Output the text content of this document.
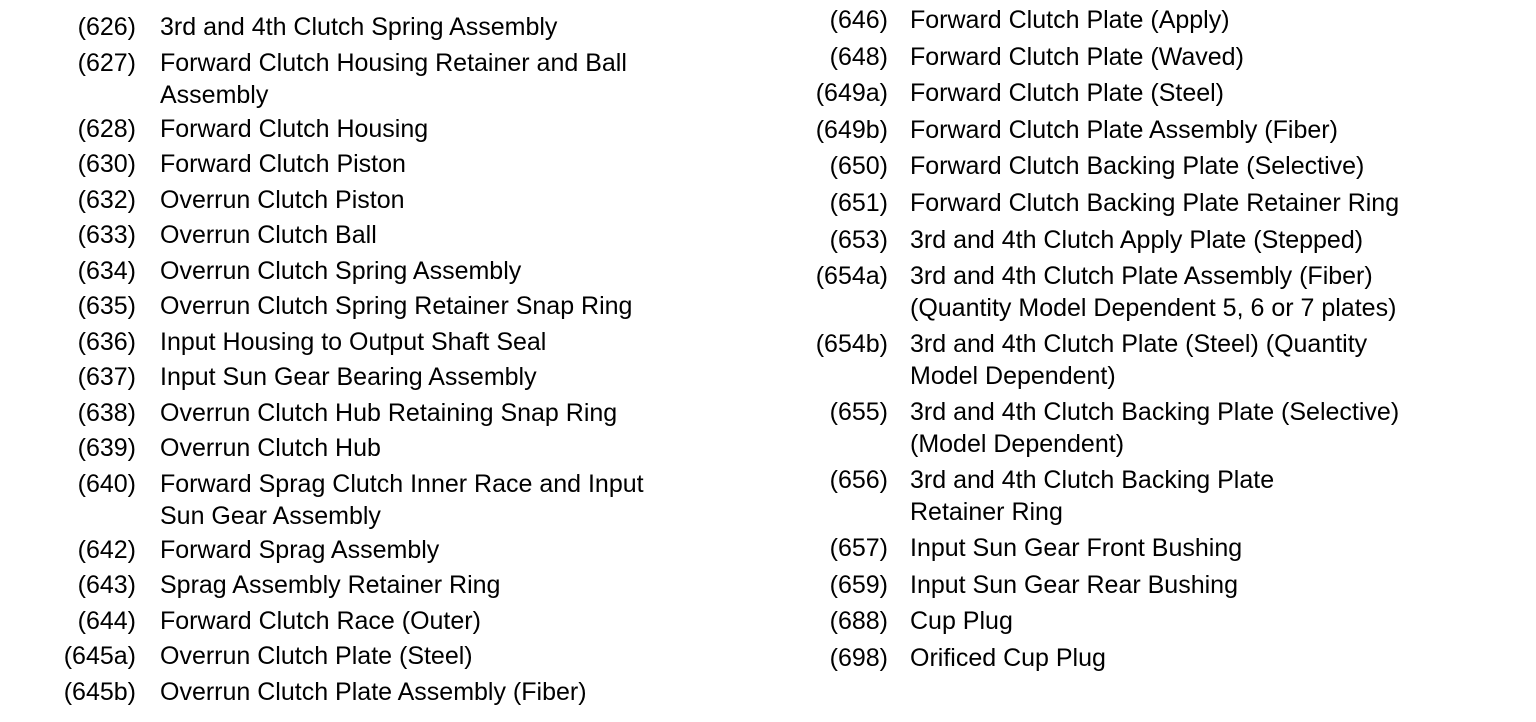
(626) 3rd and 4th Clutch Spring Assembly
(627) Forward Clutch Housing Retainer and Ball
Assembly
(628) Forward Clutch Housing
(630) Forward Clutch Piston
(632) Overrun Clutch Piston
(633) Overrun Clutch Ball
(634) Overrun Clutch Spring Assembly
(635) Overrun Clutch Spring Retainer Snap Ring
(636) Input Housing to Output Shaft Seal
(637) Input Sun Gear Bearing Assembly
(638) Overrun Clutch Hub Retaining Snap Ring
(639) Overrun Clutch Hub
(640) Forward Sprag Clutch Inner Race and Input
Sun Gear Assembly
(642) Forward Sprag Assembly
(643) Sprag Assembly Retainer Ring
(644) Forward Clutch Race (Outer)
(645a) Overrun Clutch Plate (Steel)
(645b) Overrun Clutch Plate Assembly (Fiber)
(646) Forward Clutch Plate (Apply)
(648) Forward Clutch Plate (Waved)
(649a) Forward Clutch Plate (Steel)
(649b) Forward Clutch Plate Assembly (Fiber)
(650) Forward Clutch Backing Plate (Selective)
(651) Forward Clutch Backing Plate Retainer Ring
(653) 3rd and 4th Clutch Apply Plate (Stepped)
(654a) 3rd and 4th Clutch Plate Assembly (Fiber)
(Quantity Model Dependent 5, 6 or 7 plates)
(654b) 3rd and 4th Clutch Plate (Steel) (Quantity
Model Dependent)
(655) 3rd and 4th Clutch Backing Plate (Selective)
(Model Dependent)
(656) 3rd and 4th Clutch Backing Plate
Retainer Ring
(657) Input Sun Gear Front Bushing
(659) Input Sun Gear Rear Bushing
(688) Cup Plug
(698) Orificed Cup Plug
